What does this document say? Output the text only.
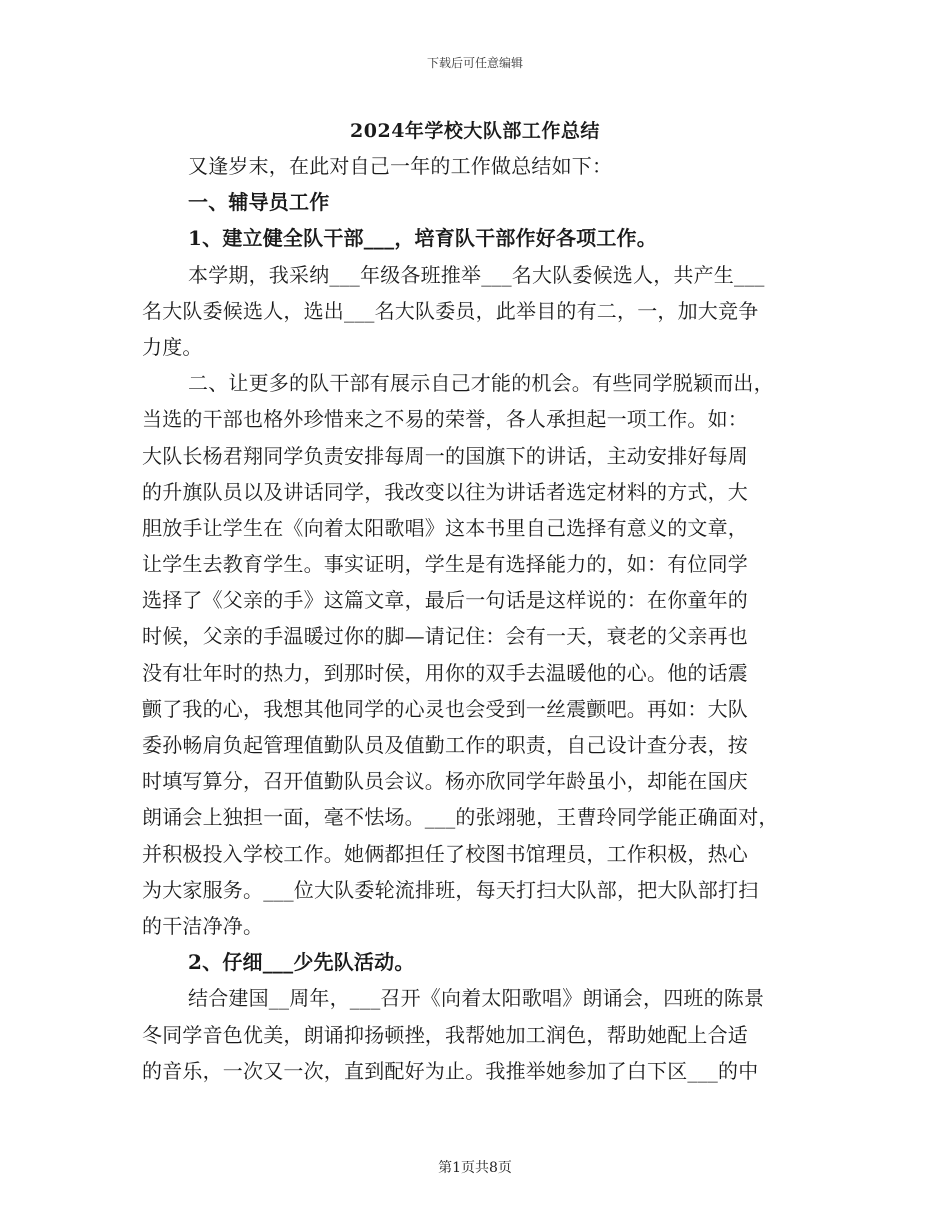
下载后可任意编辑
2024年学校大队部工作总结
又逢岁末，在此对自己一年的工作做总结如下：
一、辅导员工作
1、建立健全队干部___，培育队干部作好各项工作。
本学期，我采纳___年级各班推举___名大队委候选人，共产生___
名大队委候选人，选出___名大队委员，此举目的有二，一，加大竞争
力度。
二、让更多的队干部有展示自己才能的机会。有些同学脱颖而出，
当选的干部也格外珍惜来之不易的荣誉，各人承担起一项工作。如：
大队长杨君翔同学负责安排每周一的国旗下的讲话，主动安排好每周
的升旗队员以及讲话同学，我改变以往为讲话者选定材料的方式，大
胆放手让学生在《向着太阳歌唱》这本书里自己选择有意义的文章，
让学生去教育学生。事实证明，学生是有选择能力的，如：有位同学
选择了《父亲的手》这篇文章，最后一句话是这样说的：在你童年的
时候，父亲的手温暖过你的脚—请记住：会有一天，衰老的父亲再也
没有壮年时的热力，到那时侯，用你的双手去温暖他的心。他的话震
颤了我的心，我想其他同学的心灵也会受到一丝震颤吧。再如：大队
委孙畅肩负起管理值勤队员及值勤工作的职责，自己设计查分表，按
时填写算分，召开值勤队员会议。杨亦欣同学年龄虽小，却能在国庆
朗诵会上独担一面，毫不怯场。___的张翊驰，王曹玲同学能正确面对，
并积极投入学校工作。她俩都担任了校图书馆理员，工作积极，热心
为大家服务。___位大队委轮流排班，每天打扫大队部，把大队部打扫
的干洁净净。
2、仔细___少先队活动。
结合建国__周年，___召开《向着太阳歌唱》朗诵会，四班的陈景
冬同学音色优美，朗诵抑扬顿挫，我帮她加工润色，帮助她配上合适
的音乐，一次又一次，直到配好为止。我推举她参加了白下区___的中
第1页共8页
